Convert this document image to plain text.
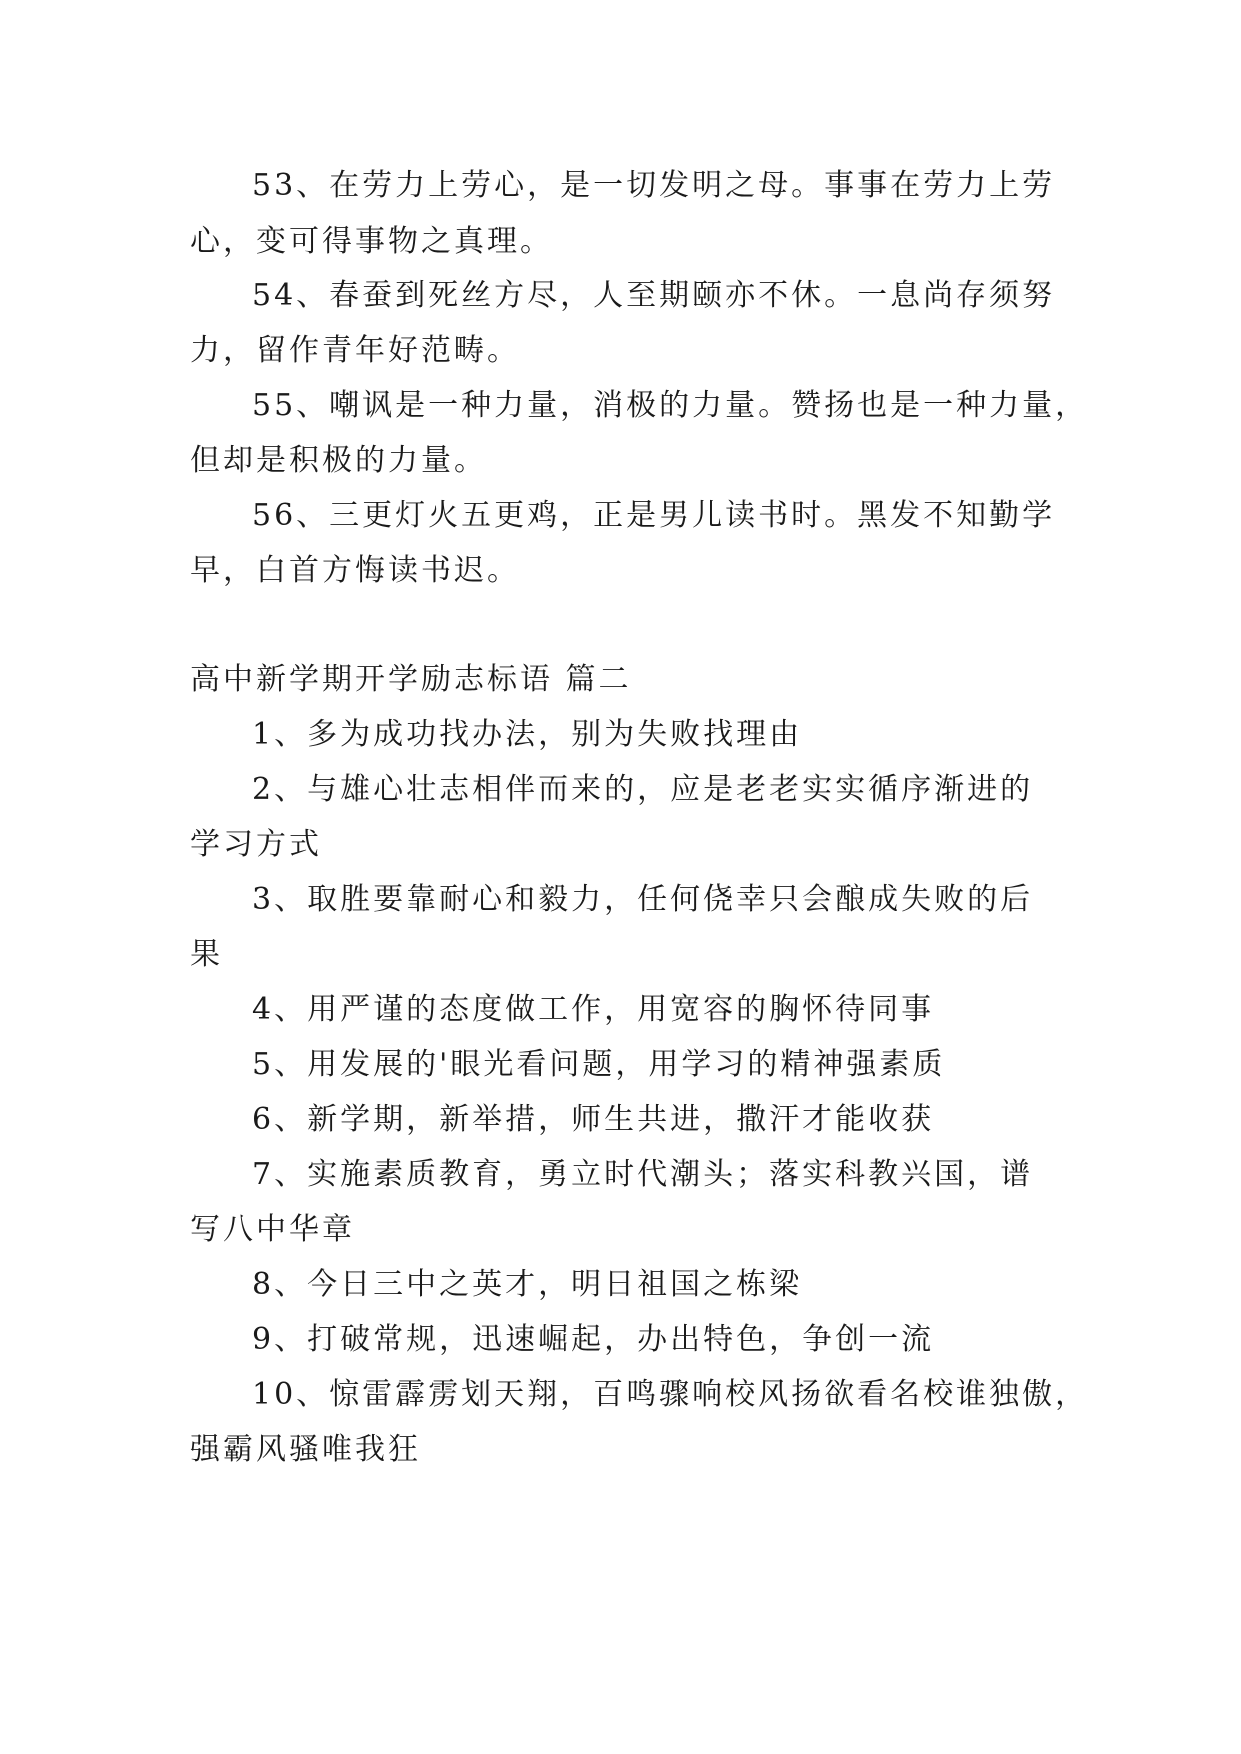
53、在劳力上劳心，是一切发明之母。事事在劳力上劳
心，变可得事物之真理。
54、春蚕到死丝方尽，人至期颐亦不休。一息尚存须努
力，留作青年好范畴。
55、嘲讽是一种力量，消极的力量。赞扬也是一种力量，
但却是积极的力量。
56、三更灯火五更鸡，正是男儿读书时。黑发不知勤学
早，白首方悔读书迟。
高中新学期开学励志标语 篇二
1、多为成功找办法，别为失败找理由
2、与雄心壮志相伴而来的，应是老老实实循序渐进的
学习方式
3、取胜要靠耐心和毅力，任何侥幸只会酿成失败的后
果
4、用严谨的态度做工作，用宽容的胸怀待同事
5、用发展的'眼光看问题，用学习的精神强素质
6、新学期，新举措，师生共进，撒汗才能收获
7、实施素质教育，勇立时代潮头；落实科教兴国，谱
写八中华章
8、今日三中之英才，明日祖国之栋梁
9、打破常规，迅速崛起，办出特色，争创一流
10、惊雷霹雳划天翔，百鸣骤响校风扬欲看名校谁独傲，
强霸风骚唯我狂
